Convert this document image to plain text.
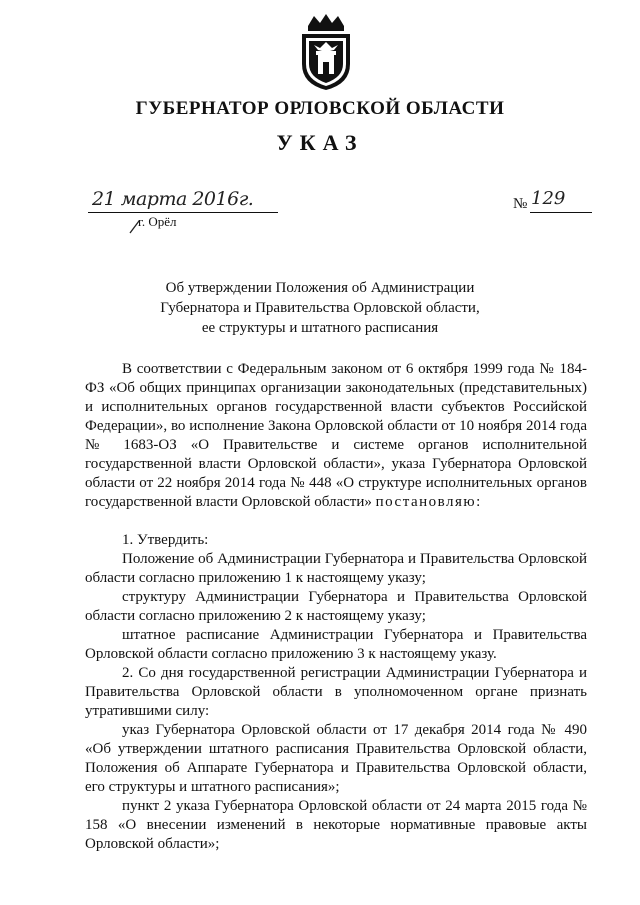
ГУБЕРНАТОР ОРЛОВСКОЙ ОБЛАСТИ
УКАЗ
21 марта 2016г.
г. Орёл
№ 129
Об утверждении Положения об Администрации
Губернатора и Правительства Орловской области,
ее структуры и штатного расписания

В соответствии с Федеральным законом от 6 октября 1999 года № 184-ФЗ «Об общих принципах организации законодательных (представительных) и исполнительных органов государственной власти субъектов Российской Федерации», во исполнение Закона Орловской области от 10 ноября 2014 года № 1683-ОЗ «О Правительстве и системе органов исполнительной государственной власти Орловской области», указа Губернатора Орловской области от 22 ноября 2014 года № 448 «О структуре исполнительных органов государственной власти Орловской области» постановляю:

1. Утвердить:

Положение об Администрации Губернатора и Правительства Орловской области согласно приложению 1 к настоящему указу;

структуру Администрации Губернатора и Правительства Орловской области согласно приложению 2 к настоящему указу;

штатное расписание Администрации Губернатора и Правительства Орловской области согласно приложению 3 к настоящему указу.

2. Со дня государственной регистрации Администрации Губернатора и Правительства Орловской области в уполномоченном органе признать утратившими силу:

указ Губернатора Орловской области от 17 декабря 2014 года № 490 «Об утверждении штатного расписания Правительства Орловской области, Положения об Аппарате Губернатора и Правительства Орловской области, его структуры и штатного расписания»;

пункт 2 указа Губернатора Орловской области от 24 марта 2015 года № 158 «О внесении изменений в некоторые нормативные правовые акты Орловской области»;
